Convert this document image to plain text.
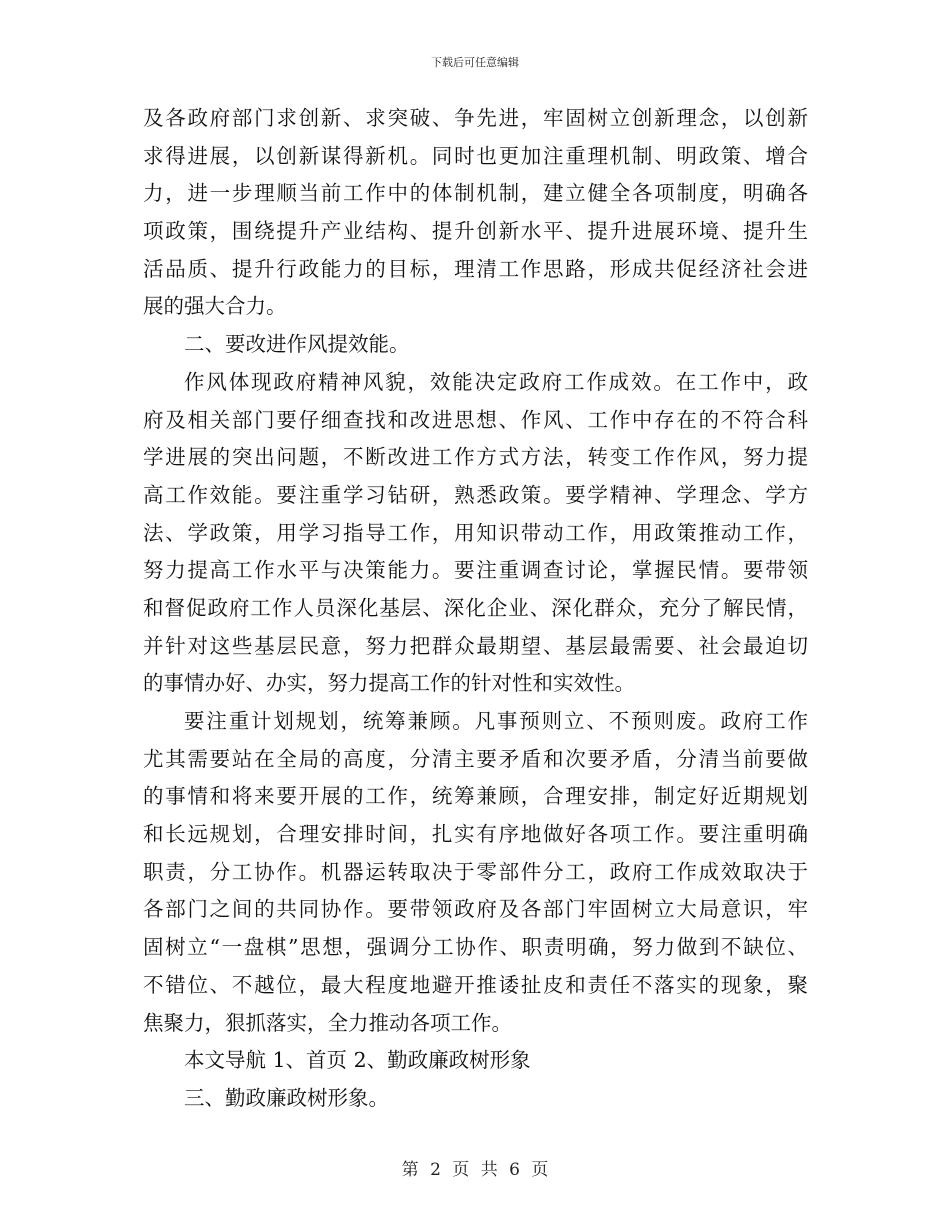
下载后可任意编辑
及各政府部门求创新、求突破、争先进，牢固树立创新理念，以创新
求得进展，以创新谋得新机。同时也更加注重理机制、明政策、增合
力，进一步理顺当前工作中的体制机制，建立健全各项制度，明确各
项政策，围绕提升产业结构、提升创新水平、提升进展环境、提升生
活品质、提升行政能力的目标，理清工作思路，形成共促经济社会进
展的强大合力。
二、要改进作风提效能。
作风体现政府精神风貌，效能决定政府工作成效。在工作中，政
府及相关部门要仔细查找和改进思想、作风、工作中存在的不符合科
学进展的突出问题，不断改进工作方式方法，转变工作作风，努力提
高工作效能。要注重学习钻研，熟悉政策。要学精神、学理念、学方
法、学政策，用学习指导工作，用知识带动工作，用政策推动工作，
努力提高工作水平与决策能力。要注重调查讨论，掌握民情。要带领
和督促政府工作人员深化基层、深化企业、深化群众，充分了解民情，
并针对这些基层民意，努力把群众最期望、基层最需要、社会最迫切
的事情办好、办实，努力提高工作的针对性和实效性。
要注重计划规划，统筹兼顾。凡事预则立、不预则废。政府工作
尤其需要站在全局的高度，分清主要矛盾和次要矛盾，分清当前要做
的事情和将来要开展的工作，统筹兼顾，合理安排，制定好近期规划
和长远规划，合理安排时间，扎实有序地做好各项工作。要注重明确
职责，分工协作。机器运转取决于零部件分工，政府工作成效取决于
各部门之间的共同协作。要带领政府及各部门牢固树立大局意识，牢
固树立“一盘棋”思想，强调分工协作、职责明确，努力做到不缺位、
不错位、不越位，最大程度地避开推诿扯皮和责任不落实的现象，聚
焦聚力，狠抓落实，全力推动各项工作。
本文导航 1、首页 2、勤政廉政树形象
三、勤政廉政树形象。
第 2 页 共 6 页
